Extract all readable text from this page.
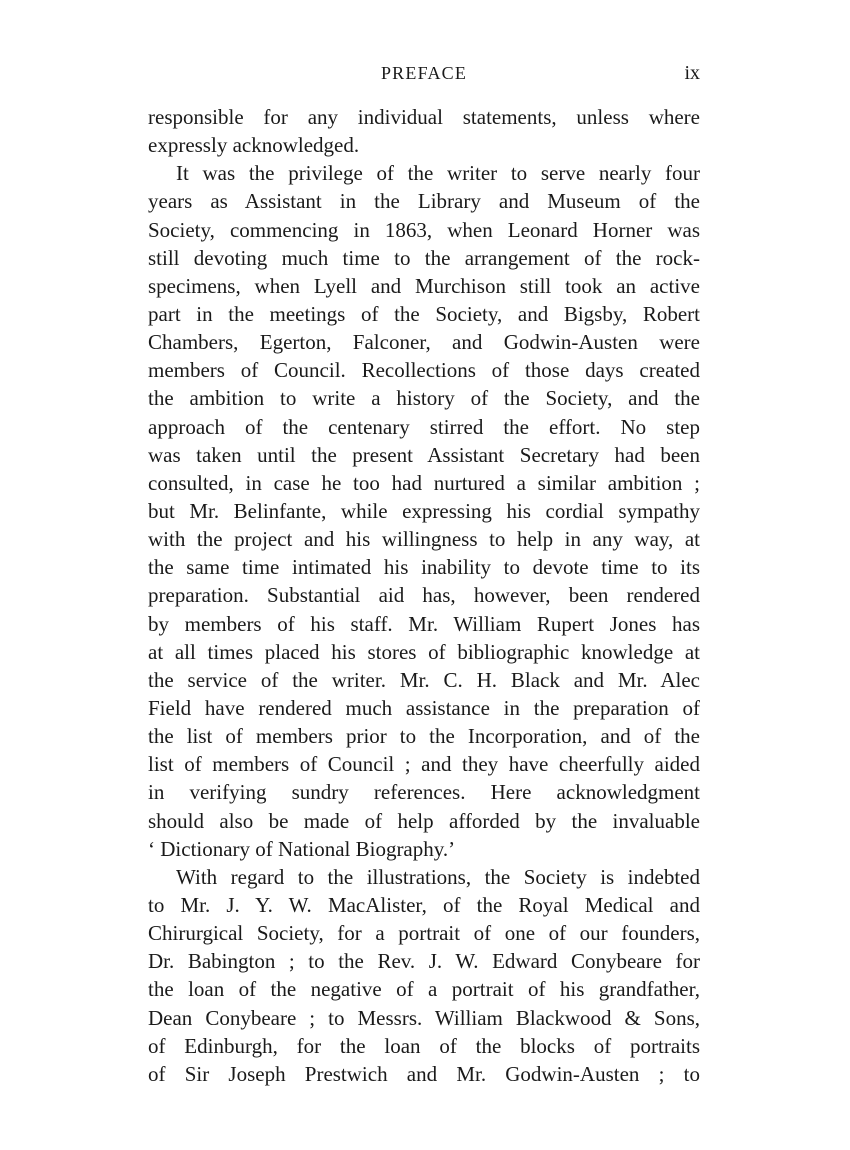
PREFACE	ix
responsible for any individual statements, unless where
expressly acknowledged.
It was the privilege of the writer to serve nearly four
years as Assistant in the Library and Museum of the
Society, commencing in 1863, when Leonard Horner was
still devoting much time to the arrangement of the rock-
specimens, when Lyell and Murchison still took an active
part in the meetings of the Society, and Bigsby, Robert
Chambers, Egerton, Falconer, and Godwin-Austen were
members of Council. Recollections of those days created
the ambition to write a history of the Society, and the
approach of the centenary stirred the effort. No step
was taken until the present Assistant Secretary had been
consulted, in case he too had nurtured a similar ambition ;
but Mr. Belinfante, while expressing his cordial sympathy
with the project and his willingness to help in any way, at
the same time intimated his inability to devote time to its
preparation. Substantial aid has, however, been rendered
by members of his staff. Mr. William Rupert Jones has
at all times placed his stores of bibliographic knowledge at
the service of the writer. Mr. C. H. Black and Mr. Alec
Field have rendered much assistance in the preparation of
the list of members prior to the Incorporation, and of the
list of members of Council ; and they have cheerfully aided
in verifying sundry references. Here acknowledgment
should also be made of help afforded by the invaluable
‘ Dictionary of National Biography.’
With regard to the illustrations, the Society is indebted
to Mr. J. Y. W. MacAlister, of the Royal Medical and
Chirurgical Society, for a portrait of one of our founders,
Dr. Babington ; to the Rev. J. W. Edward Conybeare for
the loan of the negative of a portrait of his grandfather,
Dean Conybeare ; to Messrs. William Blackwood & Sons,
of Edinburgh, for the loan of the blocks of portraits
of Sir Joseph Prestwich and Mr. Godwin-Austen ; to
